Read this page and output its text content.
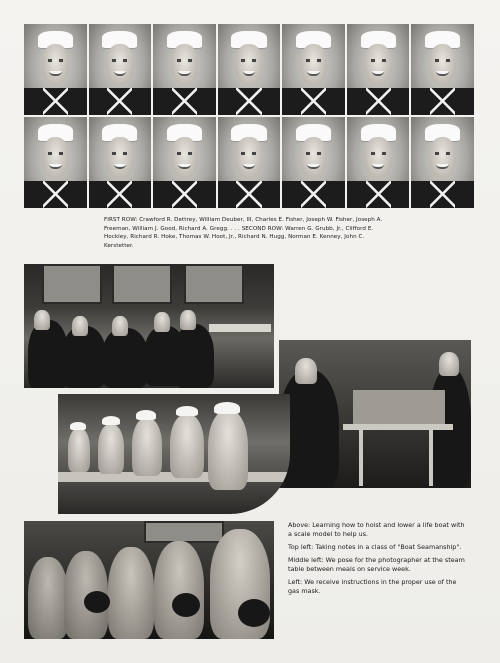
FIRST ROW: Crawford R. Dettrey, William Deuber, III, Charles E. Fisher, Joseph W. Fisher, Joseph A. Freeman, William J. Good, Richard A. Gregg. . . . SECOND ROW: Warren G. Grubb, Jr., Clifford E. Hockley, Richard R. Hoke, Thomas W. Hoot, Jr., Richard N. Hugg, Norman E. Kenney, John C. Kerstetter.

Above: Learning how to hoist and lower a life boat with a scale model to help us.

Top left: Taking notes in a class of "Boat Seamanship".

Middle left: We pose for the photographer at the steam table between meals on service week.

Left: We receive instructions in the proper use of the gas mask.
